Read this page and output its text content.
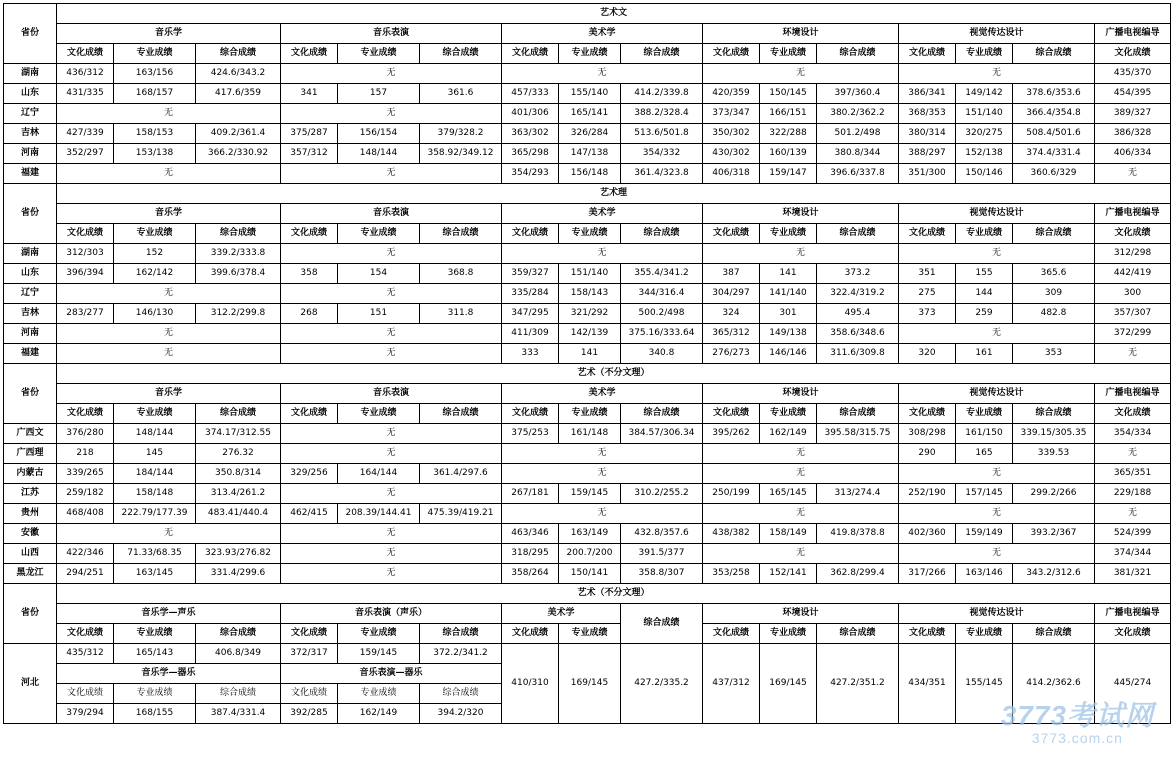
省份	艺术文															
	音乐学			音乐表演			美术学			环境设计			视觉传达设计			广播电视编导
	文化成绩	专业成绩	综合成绩	文化成绩	专业成绩	综合成绩	文化成绩	专业成绩	综合成绩	文化成绩	专业成绩	综合成绩	文化成绩	专业成绩	综合成绩	文化成绩
湖南	436/312	163/156	424.6/343.2	无			无			无			无			435/370
山东	431/335	168/157	417.6/359	341	157	361.6	457/333	155/140	414.2/339.8	420/359	150/145	397/360.4	386/341	149/142	378.6/353.6	454/395
辽宁	无			无			401/306	165/141	388.2/328.4	373/347	166/151	380.2/362.2	368/353	151/140	366.4/354.8	389/327
吉林	427/339	158/153	409.2/361.4	375/287	156/154	379/328.2	363/302	326/284	513.6/501.8	350/302	322/288	501.2/498	380/314	320/275	508.4/501.6	386/328
河南	352/297	153/138	366.2/330.92	357/312	148/144	358.92/349.12	365/298	147/138	354/332	430/302	160/139	380.8/344	388/297	152/138	374.4/331.4	406/334
福建	无			无			354/293	156/148	361.4/323.8	406/318	159/147	396.6/337.8	351/300	150/146	360.6/329	无
省份	艺术理															
	音乐学			音乐表演			美术学			环境设计			视觉传达设计			广播电视编导
	文化成绩	专业成绩	综合成绩	文化成绩	专业成绩	综合成绩	文化成绩	专业成绩	综合成绩	文化成绩	专业成绩	综合成绩	文化成绩	专业成绩	综合成绩	文化成绩
湖南	312/303	152	339.2/333.8	无			无			无			无			312/298
山东	396/394	162/142	399.6/378.4	358	154	368.8	359/327	151/140	355.4/341.2	387	141	373.2	351	155	365.6	442/419
辽宁	无			无			335/284	158/143	344/316.4	304/297	141/140	322.4/319.2	275	144	309	300
吉林	283/277	146/130	312.2/299.8	268	151	311.8	347/295	321/292	500.2/498	324	301	495.4	373	259	482.8	357/307
河南	无			无			411/309	142/139	375.16/333.64	365/312	149/138	358.6/348.6	无			372/299
福建	无			无			333	141	340.8	276/273	146/146	311.6/309.8	320	161	353	无
省份	艺术（不分文理）															
	音乐学			音乐表演			美术学			环境设计			视觉传达设计			广播电视编导
	文化成绩	专业成绩	综合成绩	文化成绩	专业成绩	综合成绩	文化成绩	专业成绩	综合成绩	文化成绩	专业成绩	综合成绩	文化成绩	专业成绩	综合成绩	文化成绩
广西文	376/280	148/144	374.17/312.55	无			375/253	161/148	384.57/306.34	395/262	162/149	395.58/315.75	308/298	161/150	339.15/305.35	354/334
广西理	218	145	276.32	无			无			无			290	165	339.53	无
内蒙古	339/265	184/144	350.8/314	329/256	164/144	361.4/297.6	无			无			无			365/351
江苏	259/182	158/148	313.4/261.2	无			267/181	159/145	310.2/255.2	250/199	165/145	313/274.4	252/190	157/145	299.2/266	229/188
贵州	468/408	222.79/177.39	483.41/440.4	462/415	208.39/144.41	475.39/419.21	无			无			无			无
安徽	无			无			463/346	163/149	432.8/357.6	438/382	158/149	419.8/378.8	402/360	159/149	393.2/367	524/399
山西	422/346	71.33/68.35	323.93/276.82	无			318/295	200.7/200	391.5/377	无			无			374/344
黑龙江	294/251	163/145	331.4/299.6	无			358/264	150/141	358.8/307	353/258	152/141	362.8/299.4	317/266	163/146	343.2/312.6	381/321
省份	艺术（不分文理）															
	音乐学—声乐			音乐表演（声乐）			美术学		综合成绩	环境设计			视觉传达设计			广播电视编导
	文化成绩	专业成绩	综合成绩	文化成绩	专业成绩	综合成绩	文化成绩	专业成绩		文化成绩	专业成绩	综合成绩	文化成绩	专业成绩	综合成绩	文化成绩
河北	435/312	165/143	406.8/349	372/317	159/145	372.2/341.2	410/310	169/145	427.2/335.2	437/312	169/145	427.2/351.2	434/351	155/145	414.2/362.6	445/274
	音乐学—器乐			音乐表演—器乐												
	文化成绩	专业成绩	综合成绩	文化成绩	专业成绩	综合成绩										
	379/294	168/155	387.4/331.4	392/285	162/149	394.2/320											3773考试网
3773.com.cn
